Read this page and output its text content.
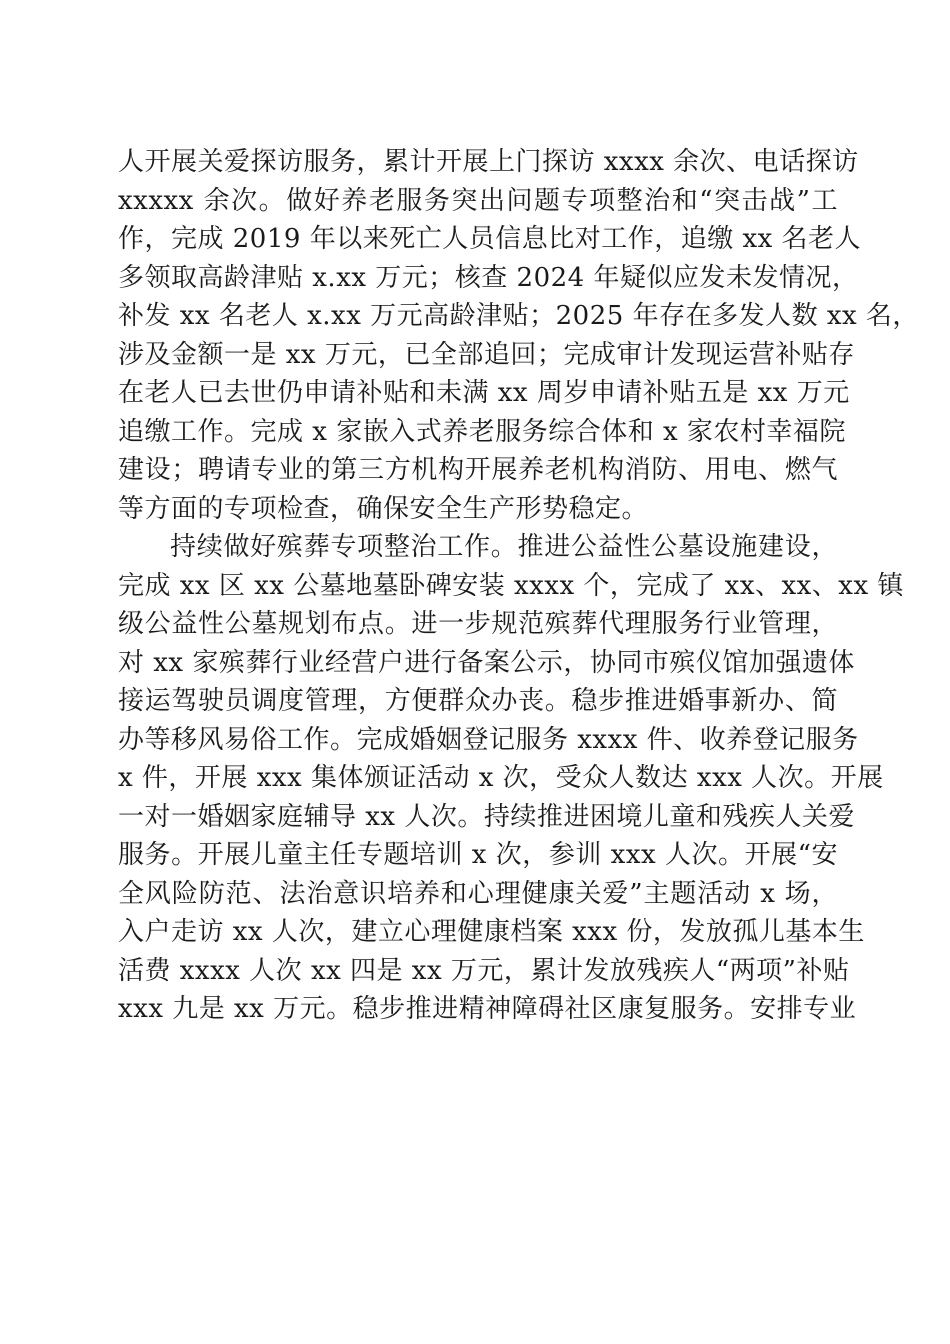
人开展关爱探访服务，累计开展上门探访 xxxx 余次、电话探访
xxxxx 余次。做好养老服务突出问题专项整治和“突击战”工
作，完成 2019 年以来死亡人员信息比对工作，追缴 xx 名老人
多领取高龄津贴 x.xx 万元；核查 2024 年疑似应发未发情况，
补发 xx 名老人 x.xx 万元高龄津贴；2025 年存在多发人数 xx 名，
涉及金额一是 xx 万元，已全部追回；完成审计发现运营补贴存
在老人已去世仍申请补贴和未满 xx 周岁申请补贴五是 xx 万元
追缴工作。完成 x 家嵌入式养老服务综合体和 x 家农村幸福院
建设；聘请专业的第三方机构开展养老机构消防、用电、燃气
等方面的专项检查，确保安全生产形势稳定。
持续做好殡葬专项整治工作。推进公益性公墓设施建设，
完成 xx 区 xx 公墓地墓卧碑安装 xxxx 个，完成了 xx、xx、xx 镇
级公益性公墓规划布点。进一步规范殡葬代理服务行业管理，
对 xx 家殡葬行业经营户进行备案公示，协同市殡仪馆加强遗体
接运驾驶员调度管理，方便群众办丧。稳步推进婚事新办、简
办等移风易俗工作。完成婚姻登记服务 xxxx 件、收养登记服务
x 件，开展 xxx 集体颁证活动 x 次，受众人数达 xxx 人次。开展
一对一婚姻家庭辅导 xx 人次。持续推进困境儿童和残疾人关爱
服务。开展儿童主任专题培训 x 次，参训 xxx 人次。开展“安
全风险防范、法治意识培养和心理健康关爱”主题活动 x 场，
入户走访 xx 人次，建立心理健康档案 xxx 份，发放孤儿基本生
活费 xxxx 人次 xx 四是 xx 万元，累计发放残疾人“两项”补贴
xxx 九是 xx 万元。稳步推进精神障碍社区康复服务。安排专业
